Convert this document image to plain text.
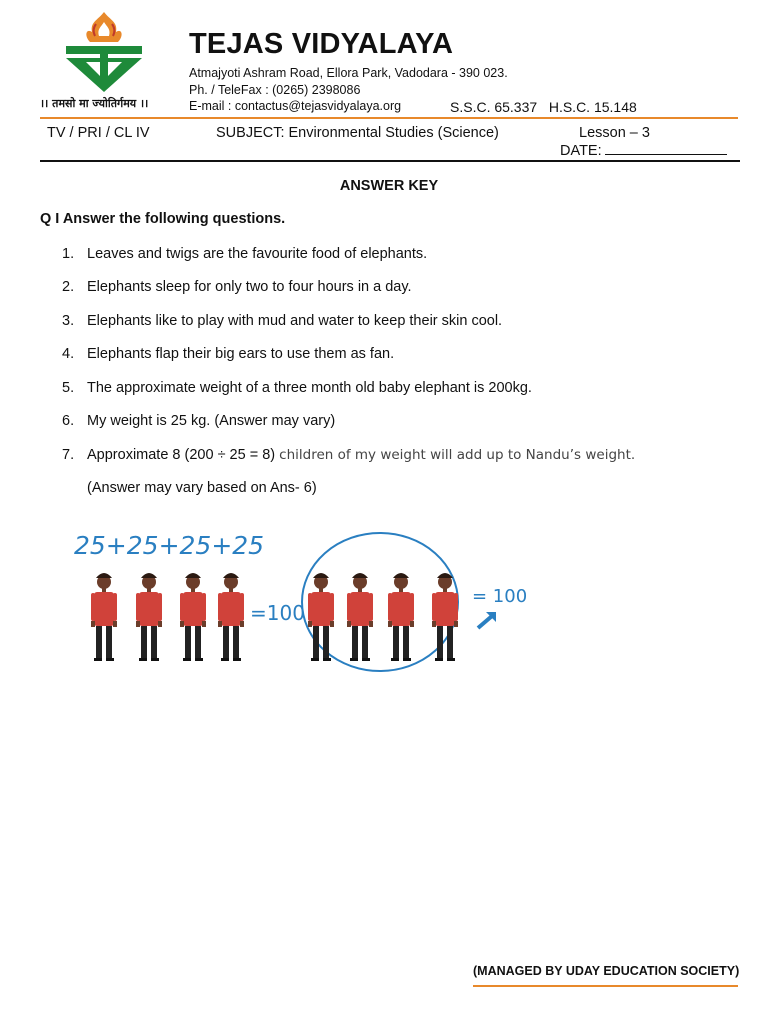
।। तमसो मा ज्योतिर्गमय ।।
TEJAS VIDYALAYA
Atmajyoti Ashram Road, Ellora Park, Vadodara - 390 023.
Ph. / TeleFax : (0265) 2398086
E-mail : contactus@tejasvidyalaya.org	S.S.C. 65.337 H.S.C. 15.148
TV / PRI / CL IV	SUBJECT: Environmental Studies (Science)	Lesson – 3
DATE:
ANSWER KEY
Q I Answer the following questions.
1. Leaves and twigs are the favourite food of elephants.
2. Elephants sleep for only two to four hours in a day.
3. Elephants like to play with mud and water to keep their skin cool.
4. Elephants flap their big ears to use them as fan.
5. The approximate weight of a three month old baby elephant is 200kg.
6. My weight is 25 kg. (Answer may vary)
7. Approximate 8 (200 ÷ 25 = 8) children of my weight will add up to Nandu’s weight.
(Answer may vary based on Ans- 6)
25+25+25+25
=100
= 100
(MANAGED BY UDAY EDUCATION SOCIETY)
